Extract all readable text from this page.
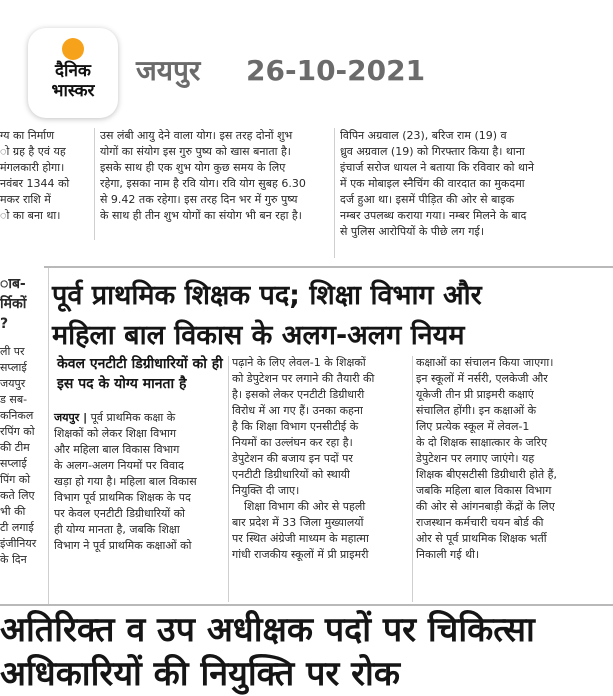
दैनिक
भास्कर
जयपुर 26-10-2021

ग्य का निर्माण

ो ग्रह है एवं यह

मंगलकारी होगा।

नवंबर 1344 को

मकर राशि में

ो का बना था।

उस लंबी आयु देने वाला योग। इस तरह दोनों शुभ

योगों का संयोग इस गुरु पुष्य को खास बनाता है।

इसके साथ ही एक शुभ योग कुछ समय के लिए

रहेगा, इसका नाम है रवि योग। रवि योग सुबह 6.30

से 9.42 तक रहेगा। इस तरह दिन भर में गुरु पुष्य

के साथ ही तीन शुभ योगों का संयोग भी बन रहा है।

विपिन अग्रवाल (23), बरिज राम (19) व

ध्रुव अग्रवाल (19) को गिरफ्तार किया है। थाना

इंचार्ज सरोज धायल ने बताया कि रविवार को थाने

में एक मोबाइल स्नैचिंग की वारदात का मुकदमा

दर्ज हुआ था। इसमें पीड़ित की ओर से बाइक

नम्बर उपलब्ध कराया गया। नम्बर मिलने के बाद

से पुलिस आरोपियों के पीछे लग गई।

ाब-

र्मिकों

?

ली पर

सप्लाई

जयपुर

ड सब-

कनिकल

रपिंग को

की टीम

सप्लाई

पिंग को

कते लिए

भी की

टी लगाई

इंजीनियर

के दिन

पूर्व प्राथमिक शिक्षक पद; शिक्षा विभाग और
महिला बाल विकास के अलग-अलग नियम
केवल एनटीटी डिग्रीधारियों को ही इस पद के योग्य मानता है

जयपुर | पूर्व प्राथमिक कक्षा के

शिक्षकों को लेकर शिक्षा विभाग

और महिला बाल विकास विभाग

के अलग-अलग नियमों पर विवाद

खड़ा हो गया है। महिला बाल विकास

विभाग पूर्व प्राथमिक शिक्षक के पद

पर केवल एनटीटी डिग्रीधारियों को

ही योग्य मानता है, जबकि शिक्षा

विभाग ने पूर्व प्राथमिक कक्षाओं को

पढ़ाने के लिए लेवल-1 के शिक्षकों

को डेपुटेशन पर लगाने की तैयारी की

है। इसको लेकर एनटीटी डिग्रीधारी

विरोध में आ गए हैं। उनका कहना

है कि शिक्षा विभाग एनसीटीई के

नियमों का उल्लंघन कर रहा है।

डेपुटेशन की बजाय इन पदों पर

एनटीटी डिग्रीधारियों को स्थायी

नियुक्ति दी जाए।

शिक्षा विभाग की ओर से पहली

बार प्रदेश में 33 जिला मुख्यालयों

पर स्थित अंग्रेजी माध्यम के महात्मा

गांधी राजकीय स्कूलों में प्री प्राइमरी

कक्षाओं का संचालन किया जाएगा।

इन स्कूलों में नर्सरी, एलकेजी और

यूकेजी तीन प्री प्राइमरी कक्षाएं

संचालित होंगी। इन कक्षाओं के

लिए प्रत्येक स्कूल में लेवल-1

के दो शिक्षक साक्षात्कार के जरिए

डेपुटेशन पर लगाए जाएंगे। यह

शिक्षक बीएसटीसी डिग्रीधारी होते हैं,

जबकि महिला बाल विकास विभाग

की ओर से आंगनबाड़ी केंद्रों के लिए

राजस्थान कर्मचारी चयन बोर्ड की

ओर से पूर्व प्राथमिक शिक्षक भर्ती

निकाली गई थी।

अतिरिक्त व उप अधीक्षक पदों पर चिकित्सा
अधिकारियों की नियुक्ति पर रोक
